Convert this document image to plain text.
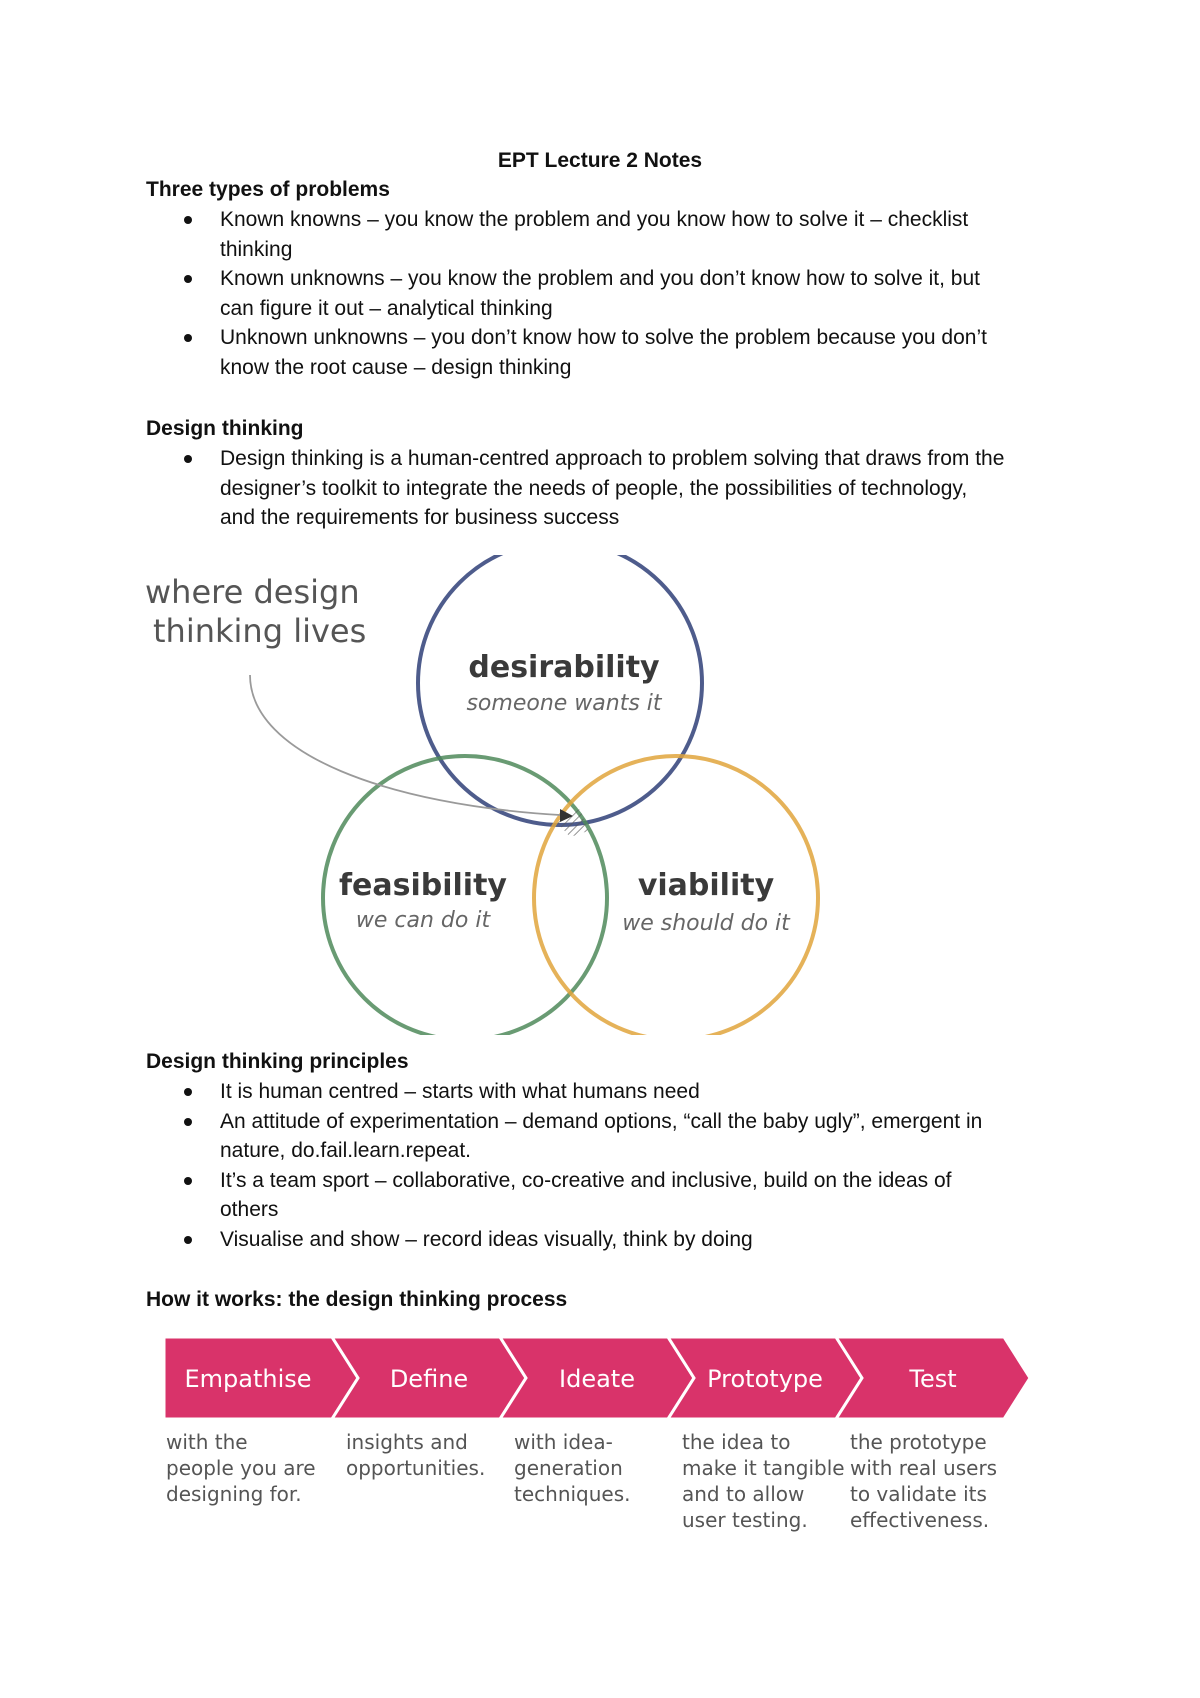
EPT Lecture 2 Notes

Three types of problems

Known knowns – you know the problem and you know how to solve it – checklist
thinking
Known unknowns – you know the problem and you don’t know how to solve it, but
can figure it out – analytical thinking
Unknown unknowns – you don’t know how to solve the problem because you don’t
know the root cause – design thinking

Design thinking

Design thinking is a human-centred approach to problem solving that draws from the
designer’s toolkit to integrate the needs of people, the possibilities of technology,
and the requirements for business success
where design
thinking lives
desirability
someone wants it
feasibility
we can do it
viability
we should do it

Design thinking principles

It is human centred – starts with what humans need
An attitude of experimentation – demand options, “call the baby ugly”, emergent in
nature, do.fail.learn.repeat.
It’s a team sport – collaborative, co-creative and inclusive, build on the ideas of
others
Visualise and show – record ideas visually, think by doing

How it works: the design thinking process

Empathise
with the
people you are
designing for.
Define
insights and
opportunities.
Ideate
with idea-
generation
techniques.
Prototype
the idea to
make it tangible
and to allow
user testing.
Test
the prototype
with real users
to validate its
effectiveness.
